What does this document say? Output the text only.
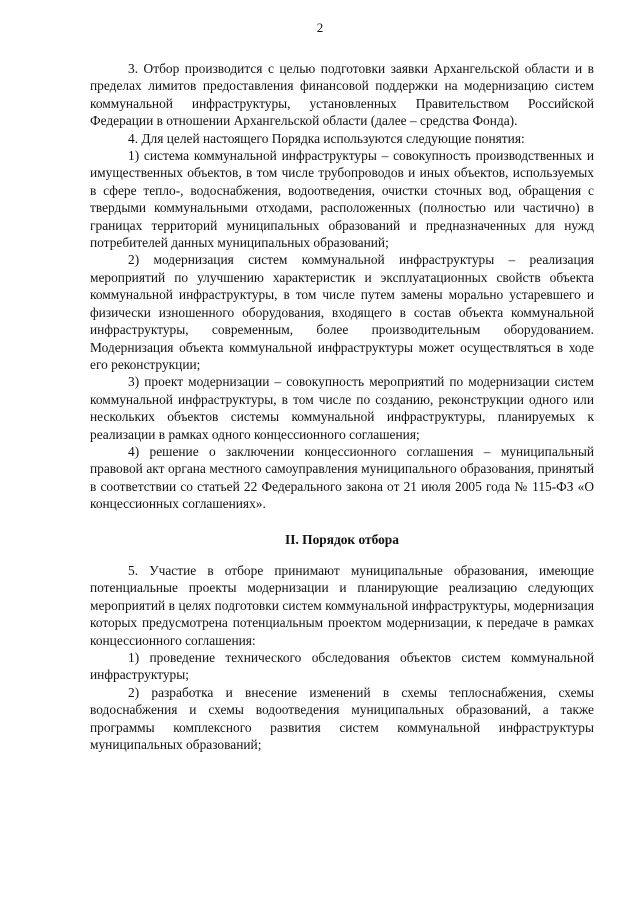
2

3. Отбор производится с целью подготовки заявки Архангельской области и в пределах лимитов предоставления финансовой поддержки на модернизацию систем коммунальной инфраструктуры, установленных Правительством Российской Федерации в отношении Архангельской области (далее – средства Фонда).

4. Для целей настоящего Порядка используются следующие понятия:

1) система коммунальной инфраструктуры – совокупность производственных и имущественных объектов, в том числе трубопроводов и иных объектов, используемых в сфере тепло-, водоснабжения, водоотведения, очистки сточных вод, обращения с твердыми коммунальными отходами, расположенных (полностью или частично) в границах территорий муниципальных образований и предназначенных для нужд потребителей данных муниципальных образований;

2) модернизация систем коммунальной инфраструктуры – реализация мероприятий по улучшению характеристик и эксплуатационных свойств объекта коммунальной инфраструктуры, в том числе путем замены морально устаревшего и физически изношенного оборудования, входящего в состав объекта коммунальной инфраструктуры, современным, более производительным оборудованием. Модернизация объекта коммунальной инфраструктуры может осуществляться в ходе его реконструкции;

3) проект модернизации – совокупность мероприятий по модернизации систем коммунальной инфраструктуры, в том числе по созданию, реконструкции одного или нескольких объектов системы коммунальной инфраструктуры, планируемых к реализации в рамках одного концессионного соглашения;

4) решение о заключении концессионного соглашения – муниципальный правовой акт органа местного самоуправления муниципального образования, принятый в соответствии со статьей 22 Федерального закона от 21 июля 2005 года № 115-ФЗ «О концессионных соглашениях».

II. Порядок отбора

5. Участие в отборе принимают муниципальные образования, имеющие потенциальные проекты модернизации и планирующие реализацию следующих мероприятий в целях подготовки систем коммунальной инфраструктуры, модернизация которых предусмотрена потенциальным проектом модернизации, к передаче в рамках концессионного соглашения:

1) проведение технического обследования объектов систем коммунальной инфраструктуры;

2) разработка и внесение изменений в схемы теплоснабжения, схемы водоснабжения и схемы водоотведения муниципальных образований, а также программы комплексного развития систем коммунальной инфраструктуры муниципальных образований;
